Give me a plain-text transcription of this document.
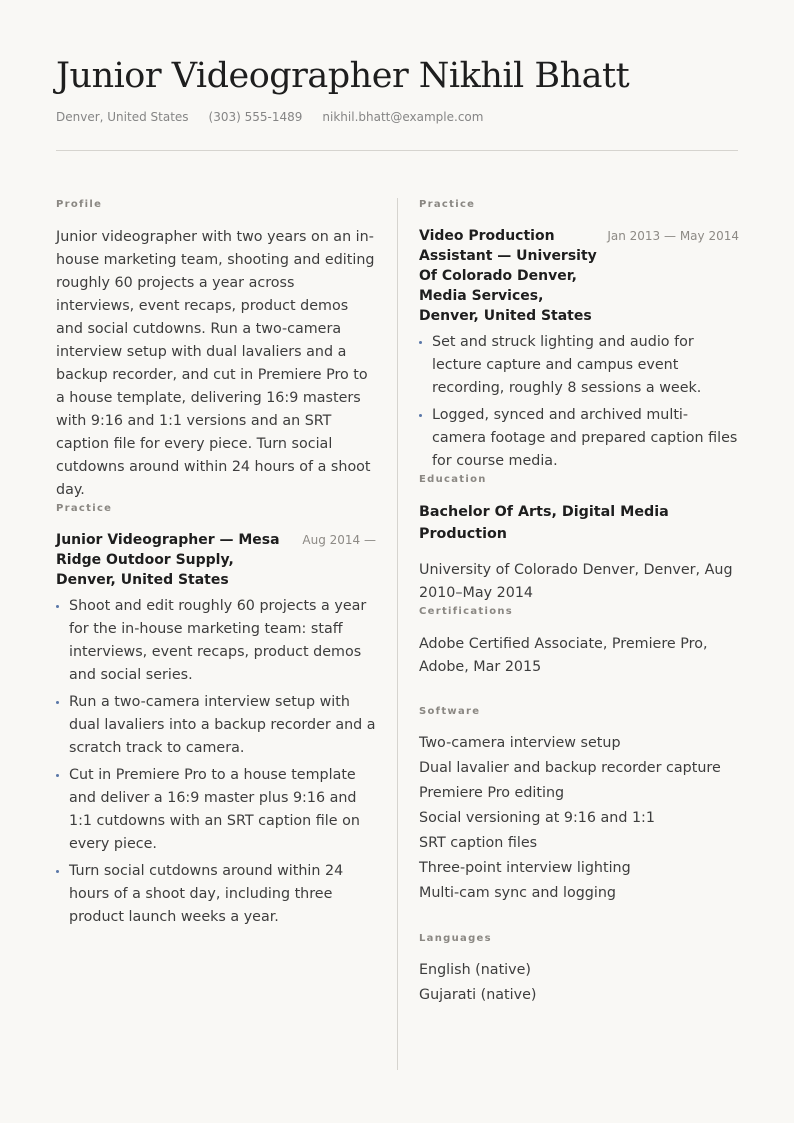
Junior Videographer Nikhil Bhatt
Denver, United States (303) 555-1489 nikhil.bhatt@example.com
Profile

Junior videographer with two years on an in-house marketing team, shooting and editing roughly 60 projects a year across interviews, event recaps, product demos and social cutdowns. Run a two-camera interview setup with dual lavaliers and a backup recorder, and cut in Premiere Pro to a house template, delivering 16:9 masters with 9:16 and 1:1 versions and an SRT caption file for every piece. Turn social cutdowns around within 24 hours of a shoot day.

Practice
Junior Videographer — Mesa Ridge Outdoor Supply, Denver, United States
Aug 2014 —
Shoot and edit roughly 60 projects a year for the in-house marketing team: staff interviews, event recaps, product demos and social series.
Run a two-camera interview setup with dual lavaliers into a backup recorder and a scratch track to camera.
Cut in Premiere Pro to a house template and deliver a 16:9 master plus 9:16 and 1:1 cutdowns with an SRT caption file on every piece.
Turn social cutdowns around within 24 hours of a shoot day, including three product launch weeks a year.
Practice
Video Production Assistant — University Of Colorado Denver, Media Services, Denver, United States
Jan 2013 — May 2014
Set and struck lighting and audio for lecture capture and campus event recording, roughly 8 sessions a week.
Logged, synced and archived multi-camera footage and prepared caption files for course media.
Education

Bachelor Of Arts, Digital Media Production

University of Colorado Denver, Denver, Aug 2010–May 2014

Certifications

Adobe Certified Associate, Premiere Pro, Adobe, Mar 2015

Software
Two-camera interview setup
Dual lavalier and backup recorder capture
Premiere Pro editing
Social versioning at 9:16 and 1:1
SRT caption files
Three-point interview lighting
Multi-cam sync and logging
Languages
English (native)
Gujarati (native)
